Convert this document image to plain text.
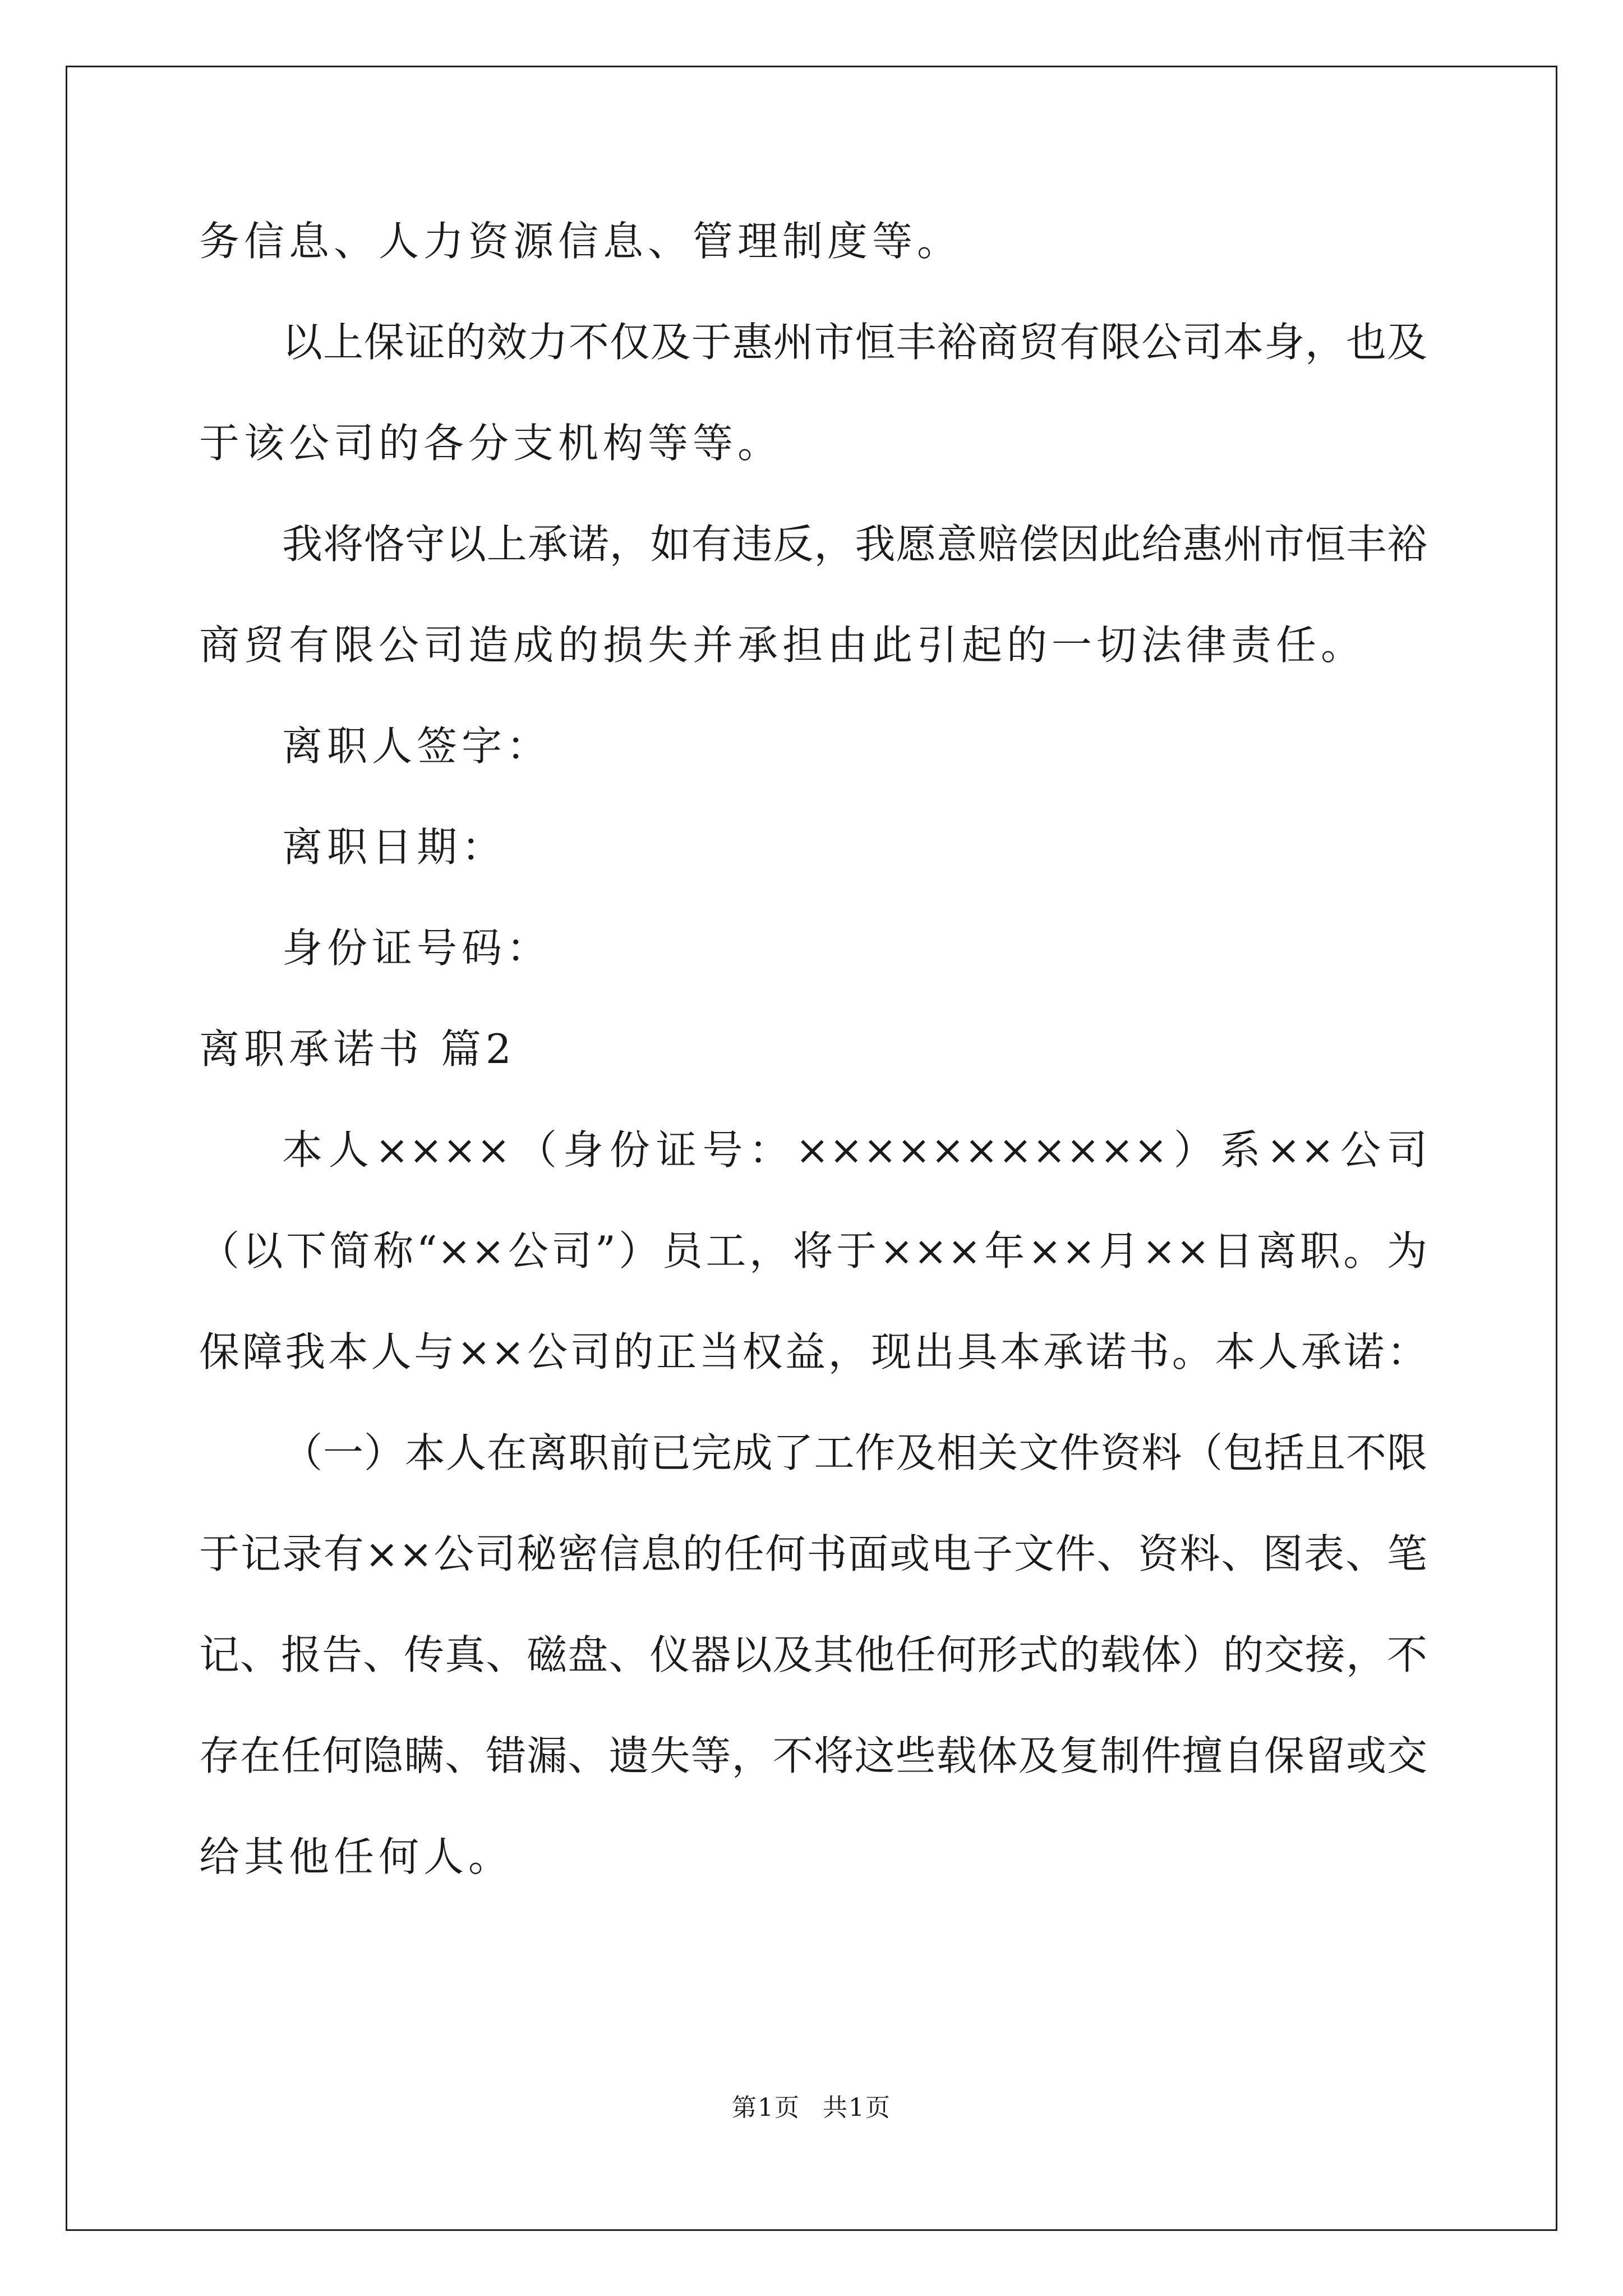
务信息、人力资源信息、管理制度等。
以上保证的效力不仅及于惠州市恒丰裕商贸有限公司本身，也及
于该公司的各分支机构等等。
我将恪守以上承诺，如有违反，我愿意赔偿因此给惠州市恒丰裕
商贸有限公司造成的损失并承担由此引起的一切法律责任。
离职人签字：
离职日期：
身份证号码：
离职承诺书 篇2
本人××××（身份证号：×××××××××××）系××公司
（以下简称“××公司”）员工，将于×××年××月××日离职。为
保障我本人与××公司的正当权益，现出具本承诺书。本人承诺：
（一）本人在离职前已完成了工作及相关文件资料（包括且不限
于记录有××公司秘密信息的任何书面或电子文件、资料、图表、笔
记、报告、传真、磁盘、仪器以及其他任何形式的载体）的交接，不
存在任何隐瞒、错漏、遗失等，不将这些载体及复制件擅自保留或交
给其他任何人。
第1页 共1页
